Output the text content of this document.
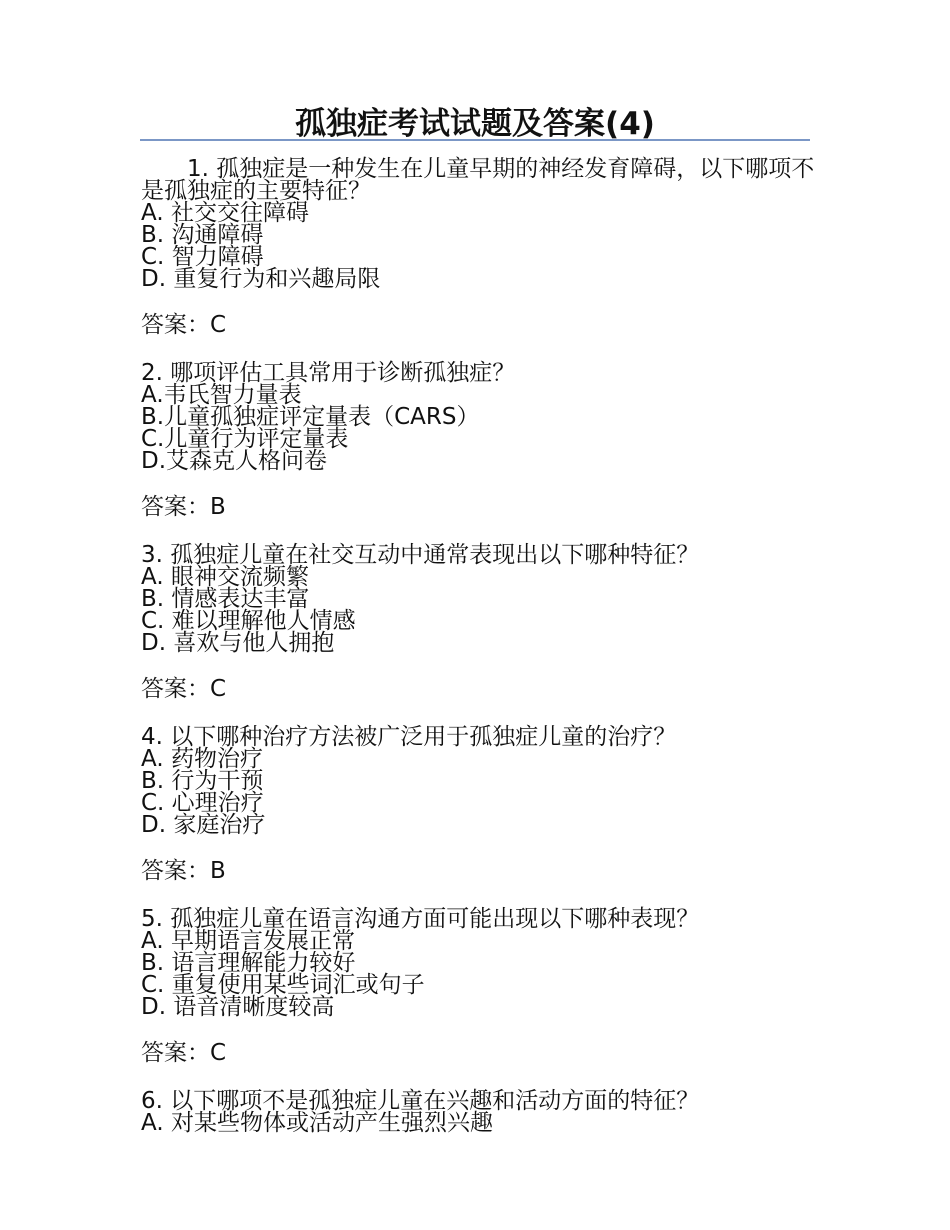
孤独症考试试题及答案(4)
1. 孤独症是一种发生在儿童早期的神经发育障碍，以下哪项不是孤独症的主要特征？
A. 社交交往障碍
B. 沟通障碍
C. 智力障碍
D. 重复行为和兴趣局限
答案：C
2. 哪项评估工具常用于诊断孤独症？
A.韦氏智力量表
B.儿童孤独症评定量表（CARS）
C.儿童行为评定量表
D.艾森克人格问卷
答案：B
3. 孤独症儿童在社交互动中通常表现出以下哪种特征？
A. 眼神交流频繁
B. 情感表达丰富
C. 难以理解他人情感
D. 喜欢与他人拥抱
答案：C
4. 以下哪种治疗方法被广泛用于孤独症儿童的治疗？
A. 药物治疗
B. 行为干预
C. 心理治疗
D. 家庭治疗
答案：B
5. 孤独症儿童在语言沟通方面可能出现以下哪种表现？
A. 早期语言发展正常
B. 语言理解能力较好
C. 重复使用某些词汇或句子
D. 语音清晰度较高
答案：C
6. 以下哪项不是孤独症儿童在兴趣和活动方面的特征？
A. 对某些物体或活动产生强烈兴趣
